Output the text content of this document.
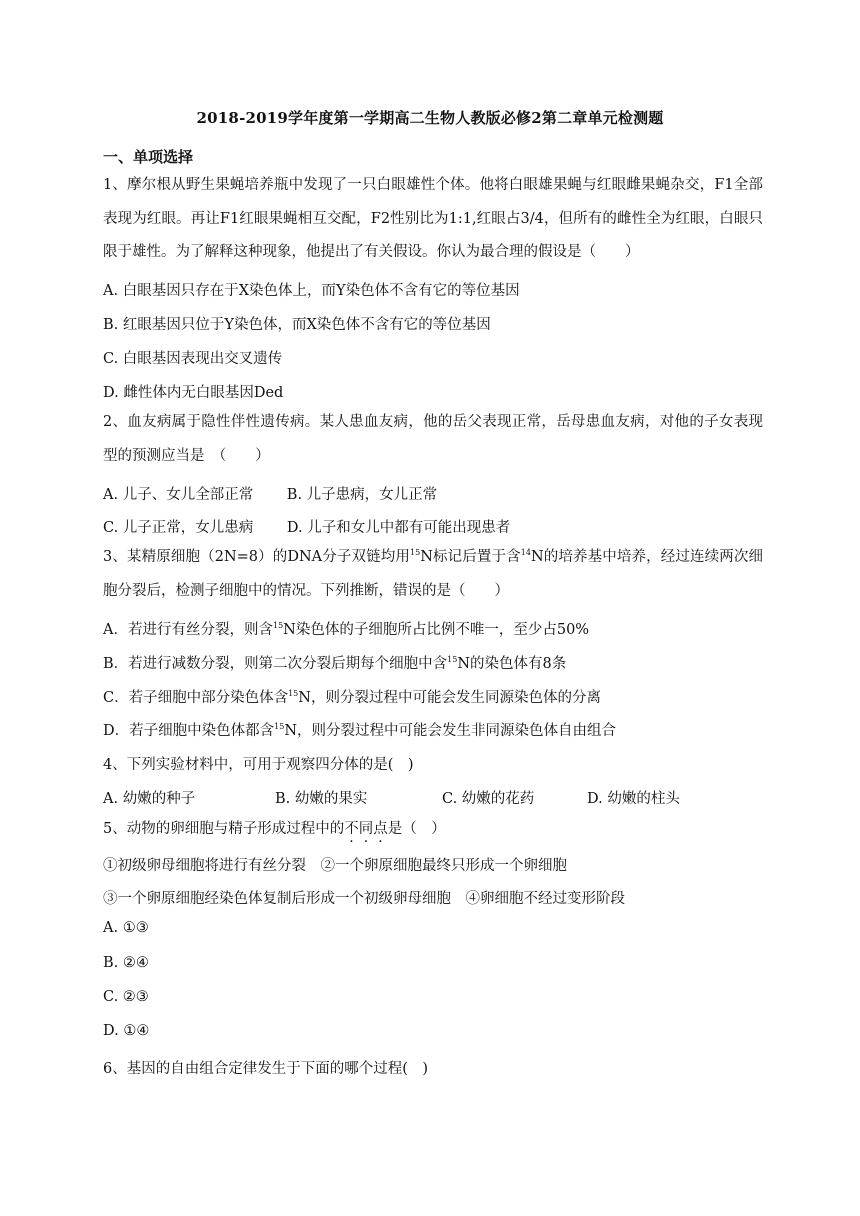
2018-2019学年度第一学期高二生物人教版必修2第二章单元检测题
一、单项选择
1、摩尔根从野生果蝇培养瓶中发现了一只白眼雄性个体。他将白眼雄果蝇与红眼雌果蝇杂交，F1全部表现为红眼。再让F1红眼果蝇相互交配，F2性别比为1:1,红眼占3/4，但所有的雌性全为红眼，白眼只限于雄性。为了解释这种现象，他提出了有关假设。你认为最合理的假设是（　　）
A. 白眼基因只存在于X染色体上，而Y染色体不含有它的等位基因
B. 红眼基因只位于Y染色体，而X染色体不含有它的等位基因
C. 白眼基因表现出交叉遗传
D. 雌性体内无白眼基因Ded
2、血友病属于隐性伴性遗传病。某人患血友病，他的岳父表现正常，岳母患血友病，对他的子女表现型的预测应当是　（　　）
A. 儿子、女儿全部正常　　 B. 儿子患病，女儿正常
C. 儿子正常，女儿患病　　 D. 儿子和女儿中都有可能出现患者
3、某精原细胞（2N=8）的DNA分子双链均用$^{15}$N标记后置于含$^{14}$N的培养基中培养，经过连续两次细胞分裂后，检测子细胞中的情况。下列推断，错误的是（　　）
A．若进行有丝分裂，则含$^{15}$N染色体的子细胞所占比例不唯一，至少占50%
B．若进行减数分裂，则第二次分裂后期每个细胞中含$^{15}$N的染色体有8条
C．若子细胞中部分染色体含$^{15}$N，则分裂过程中可能会发生同源染色体的分离
D．若子细胞中染色体都含$^{15}$N，则分裂过程中可能会发生非同源染色体自由组合
4、下列实验材料中，可用于观察四分体的是(　)
A. 幼嫩的种子	B. 幼嫩的果实	C. 幼嫩的花药	D. 幼嫩的柱头
5、动物的卵细胞与精子形成过程中的不同点是（　）
①初级卵母细胞将进行有丝分裂　②一个卵原细胞最终只形成一个卵细胞
③一个卵原细胞经染色体复制后形成一个初级卵母细胞　④卵细胞不经过变形阶段
A. ①③
B. ②④
C. ②③
D. ①④
6、基因的自由组合定律发生于下面的哪个过程(　)
